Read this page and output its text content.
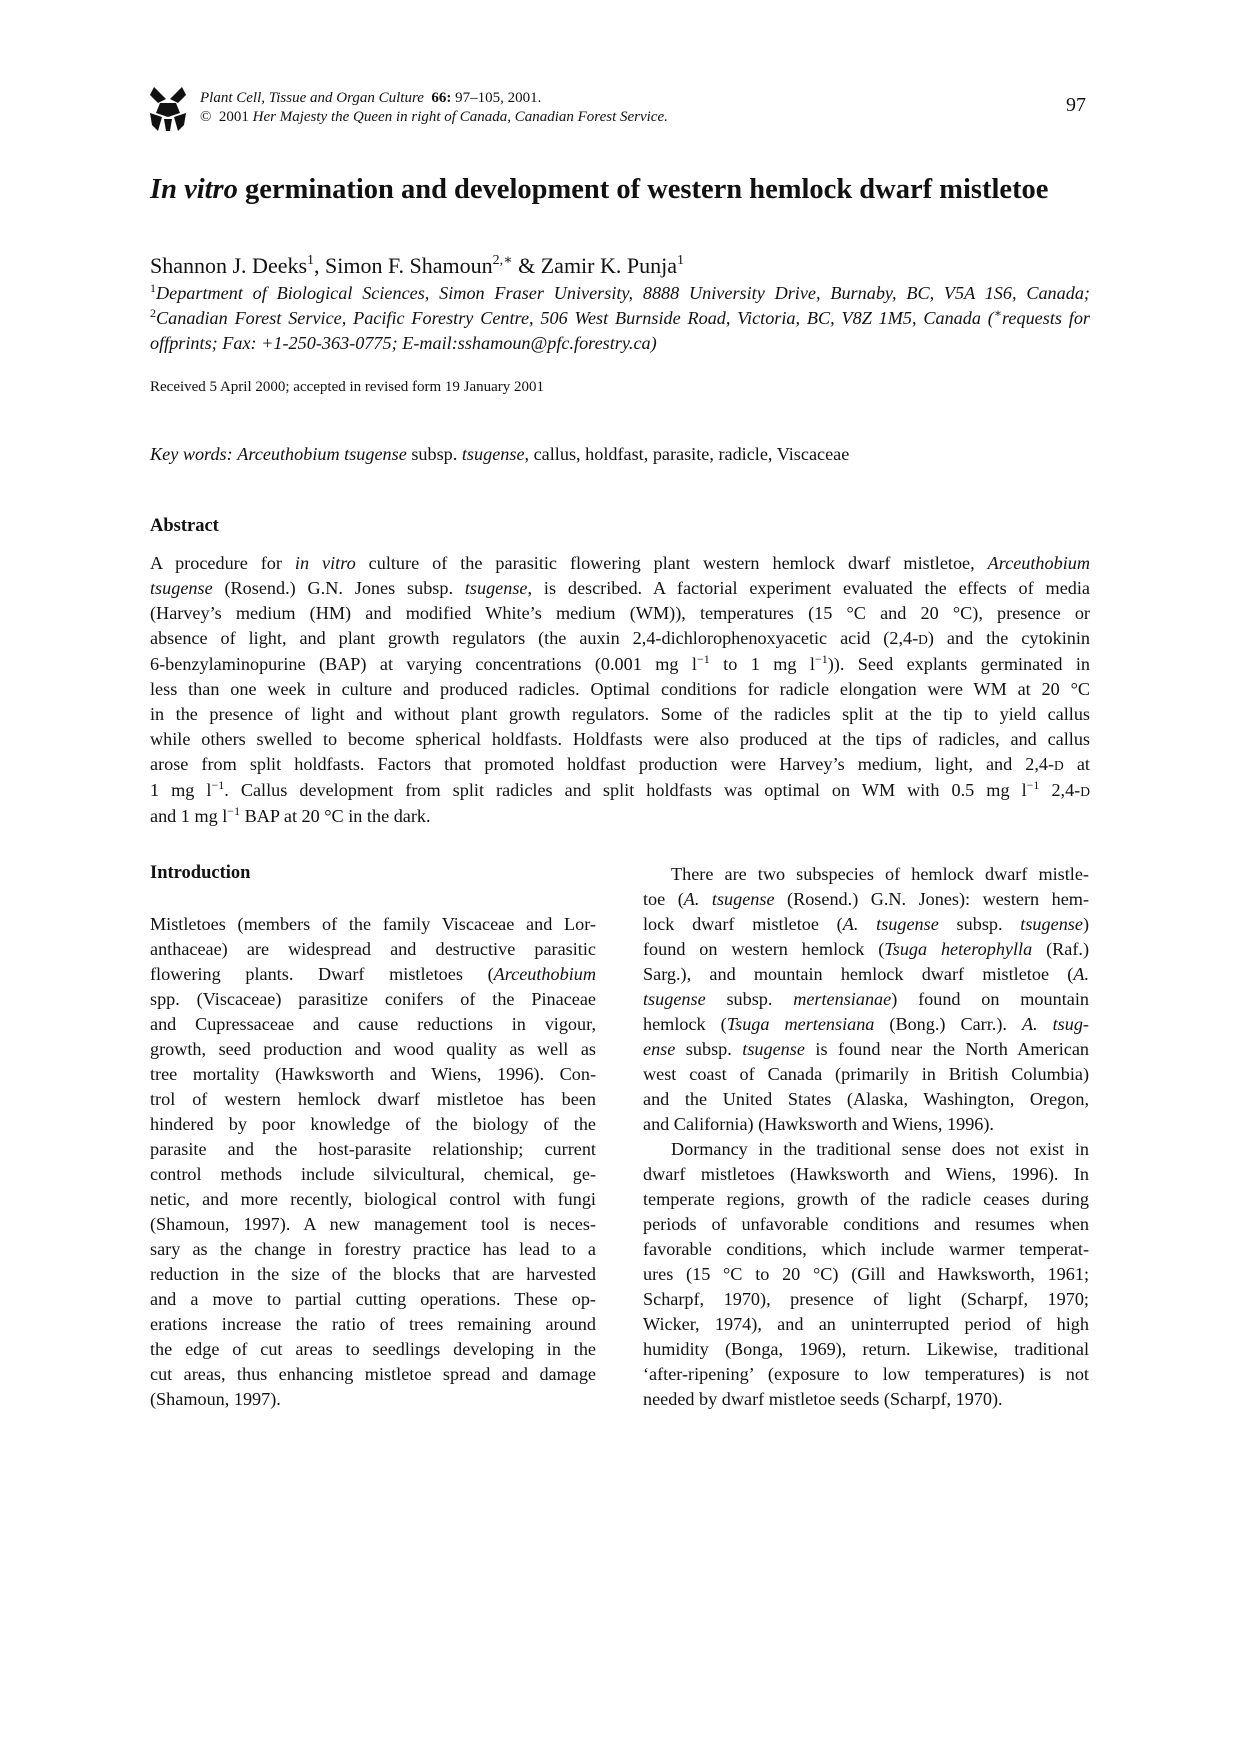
Plant Cell, Tissue and Organ Culture 66: 97–105, 2001.
© 2001 Her Majesty the Queen in right of Canada, Canadian Forest Service.
97
In vitro germination and development of western hemlock dwarf mistletoe
Shannon J. Deeks$^1$, Simon F. Shamoun$^{2,∗}$ & Zamir K. Punja$^1$
$^1$Department of Biological Sciences, Simon Fraser University, 8888 University Drive, Burnaby, BC, V5A 1S6, Canada; $^2$Canadian Forest Service, Pacific Forestry Centre, 506 West Burnside Road, Victoria, BC, V8Z 1M5, Canada (∗requests for offprints; Fax: +1-250-363-0775; E-mail:sshamoun@pfc.forestry.ca)
Received 5 April 2000; accepted in revised form 19 January 2001
Key words: Arceuthobium tsugense subsp. tsugense, callus, holdfast, parasite, radicle, Viscaceae
Abstract
A procedure for in vitro culture of the parasitic flowering plant western hemlock dwarf mistletoe, Arceuthobium
tsugense (Rosend.) G.N. Jones subsp. tsugense, is described. A factorial experiment evaluated the effects of media
(Harvey’s medium (HM) and modified White’s medium (WM)), temperatures (15 °C and 20 °C), presence or
absence of light, and plant growth regulators (the auxin 2,4-dichlorophenoxyacetic acid (2,4-D) and the cytokinin
6-benzylaminopurine (BAP) at varying concentrations (0.001 mg $l^{-1}$ to 1 mg $l^{-1}$)). Seed explants germinated in
less than one week in culture and produced radicles. Optimal conditions for radicle elongation were WM at 20 °C
in the presence of light and without plant growth regulators. Some of the radicles split at the tip to yield callus
while others swelled to become spherical holdfasts. Holdfasts were also produced at the tips of radicles, and callus
arose from split holdfasts. Factors that promoted holdfast production were Harvey’s medium, light, and 2,4-D at
1 mg $l^{-1}$. Callus development from split radicles and split holdfasts was optimal on WM with 0.5 mg $l^{-1}$ 2,4-D
and 1 mg $l^{-1}$ BAP at 20 °C in the dark.
Introduction
Mistletoes (members of the family Viscaceae and Lor-
anthaceae) are widespread and destructive parasitic
flowering plants. Dwarf mistletoes (Arceuthobium
spp. (Viscaceae) parasitize conifers of the Pinaceae
and Cupressaceae and cause reductions in vigour,
growth, seed production and wood quality as well as
tree mortality (Hawksworth and Wiens, 1996). Con-
trol of western hemlock dwarf mistletoe has been
hindered by poor knowledge of the biology of the
parasite and the host-parasite relationship; current
control methods include silvicultural, chemical, ge-
netic, and more recently, biological control with fungi
(Shamoun, 1997). A new management tool is neces-
sary as the change in forestry practice has lead to a
reduction in the size of the blocks that are harvested
and a move to partial cutting operations. These op-
erations increase the ratio of trees remaining around
the edge of cut areas to seedlings developing in the
cut areas, thus enhancing mistletoe spread and damage
(Shamoun, 1997).
There are two subspecies of hemlock dwarf mistle-
toe (A. tsugense (Rosend.) G.N. Jones): western hem-
lock dwarf mistletoe (A. tsugense subsp. tsugense)
found on western hemlock (Tsuga heterophylla (Raf.)
Sarg.), and mountain hemlock dwarf mistletoe (A.
tsugense subsp. mertensianae) found on mountain
hemlock (Tsuga mertensiana (Bong.) Carr.). A. tsug-
ense subsp. tsugense is found near the North American
west coast of Canada (primarily in British Columbia)
and the United States (Alaska, Washington, Oregon,
and California) (Hawksworth and Wiens, 1996).
Dormancy in the traditional sense does not exist in
dwarf mistletoes (Hawksworth and Wiens, 1996). In
temperate regions, growth of the radicle ceases during
periods of unfavorable conditions and resumes when
favorable conditions, which include warmer temperat-
ures (15 °C to 20 °C) (Gill and Hawksworth, 1961;
Scharpf, 1970), presence of light (Scharpf, 1970;
Wicker, 1974), and an uninterrupted period of high
humidity (Bonga, 1969), return. Likewise, traditional
‘after-ripening’ (exposure to low temperatures) is not
needed by dwarf mistletoe seeds (Scharpf, 1970).
